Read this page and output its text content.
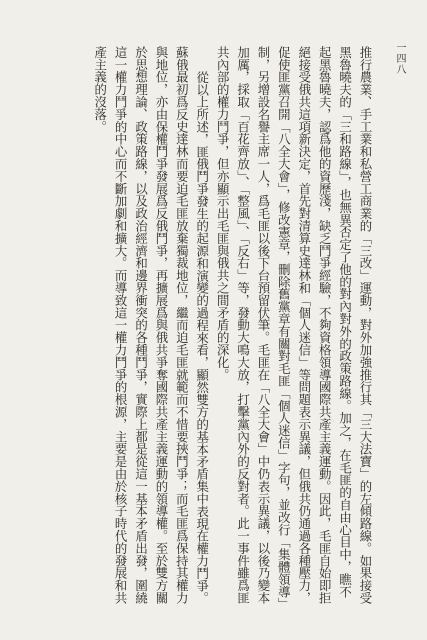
一四八

推行農業、手工業和私營工商業的「三改」運動，對外加強推行其「三大法寶」的左傾路線。如果接受黑魯曉夫的「三和路線」，也無異否定了他的對內對外的政策路線。加之，在毛匪的自由心目中，瞧不起黑魯曉夫，認爲他的資歷淺，缺乏鬥爭經驗，不夠資格領導國際共產主義運動。因此，毛匪自始即拒絕接受俄共這項新決定，首先對清算史達林和「個人迷信」等問題表示異議，但俄共仍通過各種壓力，促使匪黨召開「八全大會」，修改憲章，刪除舊黨章有關對毛匪「個人迷信」字句，並改行「集體領導」制，另增設名譽主席一人，爲毛匪以後下台預留伏筆。毛匪在「八全大會」中仍表示異議，以後乃變本加厲，採取「百花齊放」、「整風」、「反右」等，發動大鳴大放，打擊黨內外的反對者。此一事件雖爲匪共內部的權力鬥爭，但亦顯示出毛匪與俄共之間矛盾的深化。

從以上所述，匪俄鬥爭發生的起源和演變的過程來看，顯然雙方的基本矛盾集中表現在權力鬥爭。蘇俄最初爲反史達林而要迫毛匪放棄獨裁地位，繼而迫毛匪就範而不惜要挾鬥爭；而毛匪爲保持其權力與地位，亦由保權鬥爭發展爲反俄鬥爭，再擴展爲與俄共爭奪國際共產主義運動的領導權。至於雙方關於思想理論、政策路線，以及政治經濟和邊界衝突的各種鬥爭，實際上都是從這一基本矛盾出發，圍繞這一權力鬥爭的中心而不斷加劇和擴大。而導致這一權力鬥爭的根源，主要是由於核子時代的發展和共產主義的沒落。
